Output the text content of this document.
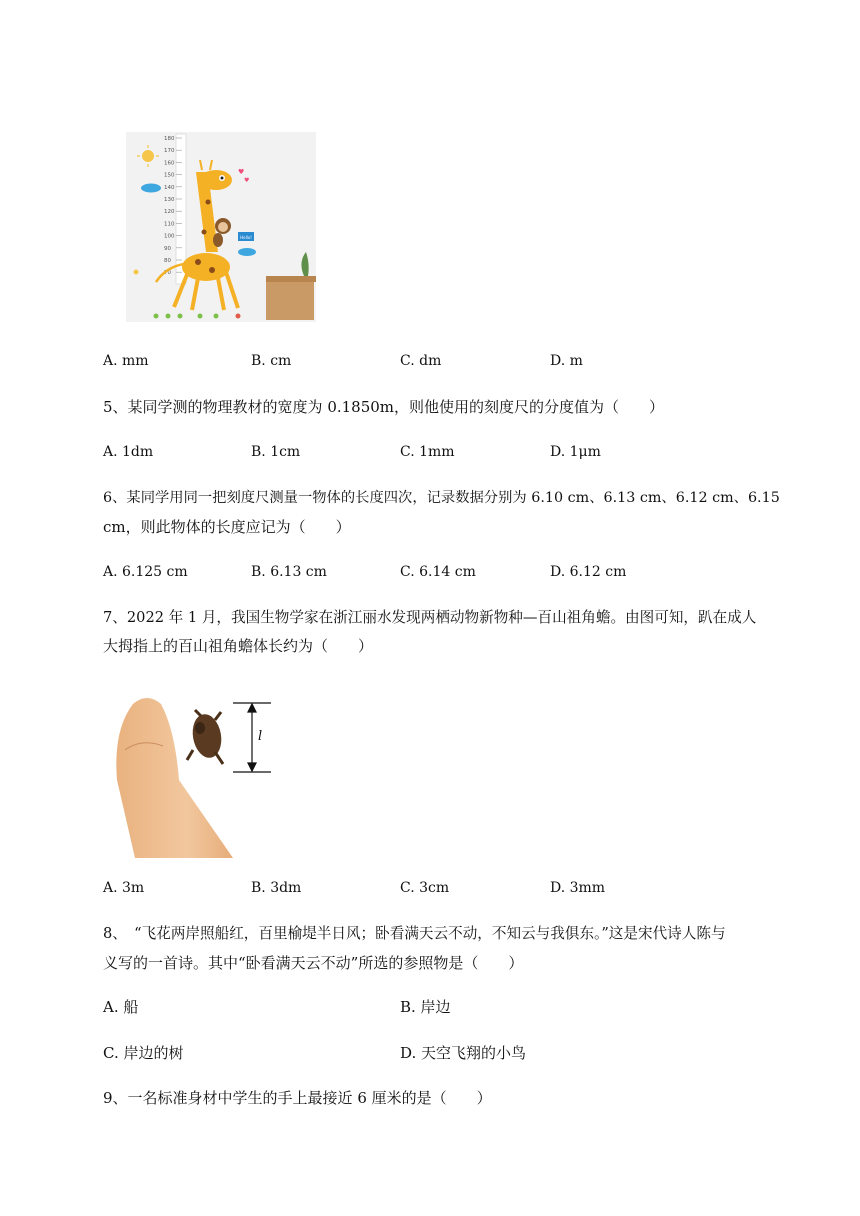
180
170
160
150
140
130
120
110
100
90
80
70
Hello!
♥
♥
A. mm	B. cm	C. dm	D. m
5、某同学测的物理教材的宽度为 0.1850m，则他使用的刻度尺的分度值为（　　）
A. 1dm	B. 1cm	C. 1mm	D. 1μm
6、某同学用同一把刻度尺测量一物体的长度四次，记录数据分别为 6.10 cm、6.13 cm、6.12 cm、6.15
cm，则此物体的长度应记为（　　）
A. 6.125 cm	B. 6.13 cm	C. 6.14 cm	D. 6.12 cm
7、2022 年 1 月，我国生物学家在浙江丽水发现两栖动物新物种—百山祖角蟾。由图可知，趴在成人
大拇指上的百山祖角蟾体长约为（　　）
l
A. 3m	B. 3dm	C. 3cm	D. 3mm
8、　“飞花两岸照船红，百里榆堤半日风；卧看满天云不动，不知云与我俱东。”这是宋代诗人陈与
义写的一首诗。其中“卧看满天云不动”所选的参照物是（　　）
A. 船	B. 岸边
C. 岸边的树	D. 天空飞翔的小鸟
9、一名标准身材中学生的手上最接近 6 厘米的是（　　）
